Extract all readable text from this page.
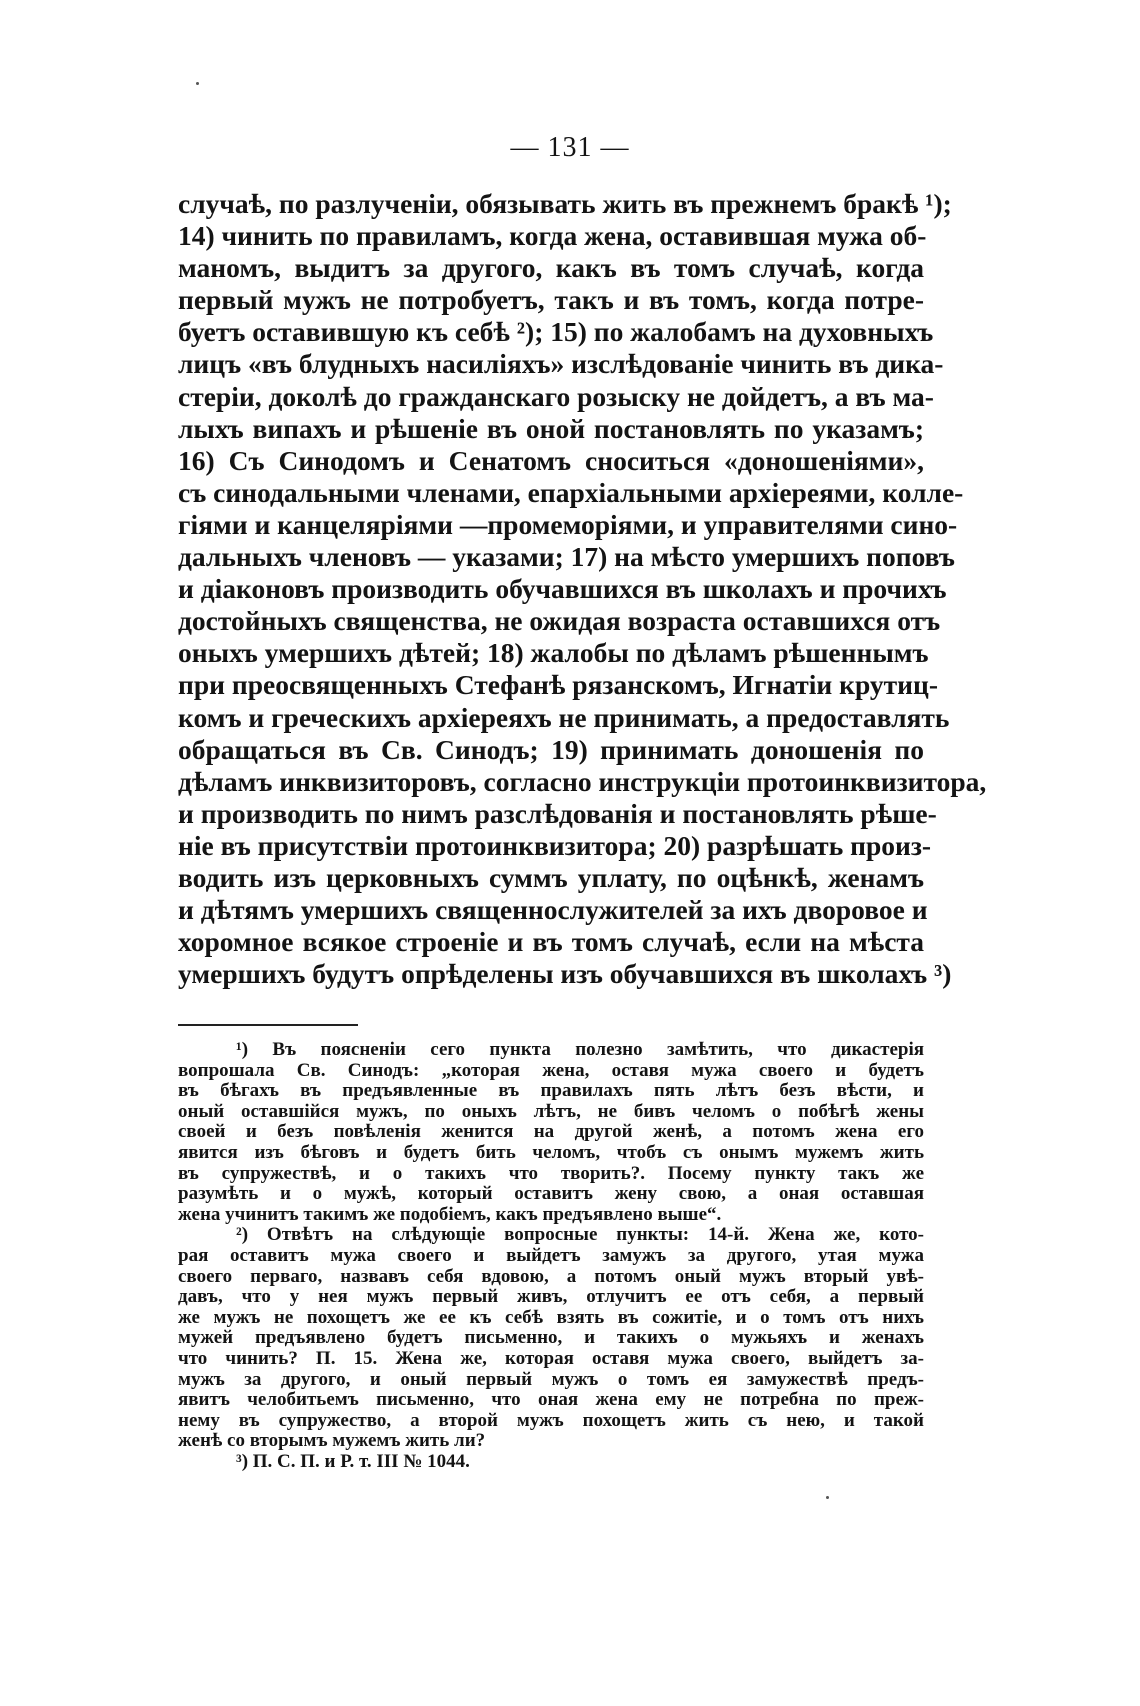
— 131 —
случаѣ, по разлученіи, обязывать жить въ прежнемъ бракѣ ¹);
14) чинить по правиламъ, когда жена, оставившая мужа об-
маномъ, выдитъ за другого, какъ въ томъ случаѣ, когда
первый мужъ не потробуетъ, такъ и въ томъ, когда потре-
буетъ оставившую къ себѣ ²); 15) по жалобамъ на духовныхъ
лицъ «въ блудныхъ насиліяхъ» изслѣдованіе чинить въ дика-
стеріи, доколѣ до гражданскаго розыску не дойдетъ, а въ ма-
лыхъ випахъ и рѣшеніе въ оной постановлять по указамъ;
16) Съ Синодомъ и Сенатомъ сноситься «доношеніями»,
съ синодальными членами, епархіальными архіереями, колле-
гіями и канцеляріями —промеморіями, и управителями сино-
дальныхъ членовъ — указами; 17) на мѣсто умершихъ поповъ
и діаконовъ производить обучавшихся въ школахъ и прочихъ
достойныхъ священства, не ожидая возраста оставшихся отъ
оныхъ умершихъ дѣтей; 18) жалобы по дѣламъ рѣшеннымъ
при преосвященныхъ Стефанѣ рязанскомъ, Игнатіи крутиц-
комъ и греческихъ архіереяхъ не принимать, а предоставлять
обращаться въ Св. Синодъ; 19) принимать доношенія по
дѣламъ инквизиторовъ, согласно инструкціи протоинквизитора,
и производить по нимъ разслѣдованія и постановлять рѣше-
ніе въ присутствіи протоинквизитора; 20) разрѣшать произ-
водить изъ церковныхъ суммъ уплату, по оцѣнкѣ, женамъ
и дѣтямъ умершихъ священнослужителей за ихъ дворовое и
хоромное всякое строеніе и въ томъ случаѣ, если на мѣста
умершихъ будутъ опрѣделены изъ обучавшихся въ школахъ ³)
¹) Въ поясненіи сего пункта полезно замѣтить, что дикастерія
вопрошала Св. Синодъ: „которая жена, оставя мужа своего и будетъ
въ бѣгахъ въ предъявленные въ правилахъ пять лѣтъ безъ вѣсти, и
оный оставшійся мужъ, по оныхъ лѣтъ, не бивъ челомъ о побѣгѣ жены
своей и безъ повѣленія женится на другой женѣ, а потомъ жена его
явится изъ бѣговъ и будетъ бить челомъ, чтобъ съ онымъ мужемъ жить
въ супружествѣ, и о такихъ что творить?. Посему пункту такъ же
разумѣть и о мужѣ, который оставитъ жену свою, а оная оставшая
жена учинитъ такимъ же подобіемъ, какъ предъявлено выше“.
²) Отвѣтъ на слѣдующіе вопросные пункты: 14-й. Жена же, кото-
рая оставитъ мужа своего и выйдетъ замужъ за другого, утая мужа
своего перваго, назвавъ себя вдовою, а потомъ оный мужъ вторый увѣ-
давъ, что у нея мужъ первый живъ, отлучитъ ее отъ себя, а первый
же мужъ не похощетъ же ее къ себѣ взять въ сожитіе, и о томъ отъ нихъ
мужей предъявлено будетъ письменно, и такихъ о мужьяхъ и женахъ
что чинить? П. 15. Жена же, которая оставя мужа своего, выйдетъ за-
мужъ за другого, и оный первый мужъ о томъ ея замужествѣ предъ-
явитъ челобитьемъ письменно, что оная жена ему не потребна по преж-
нему въ супружество, а второй мужъ похощетъ жить съ нею, и такой
женѣ со вторымъ мужемъ жить ли?
³) П. С. П. и Р. т. III № 1044.
